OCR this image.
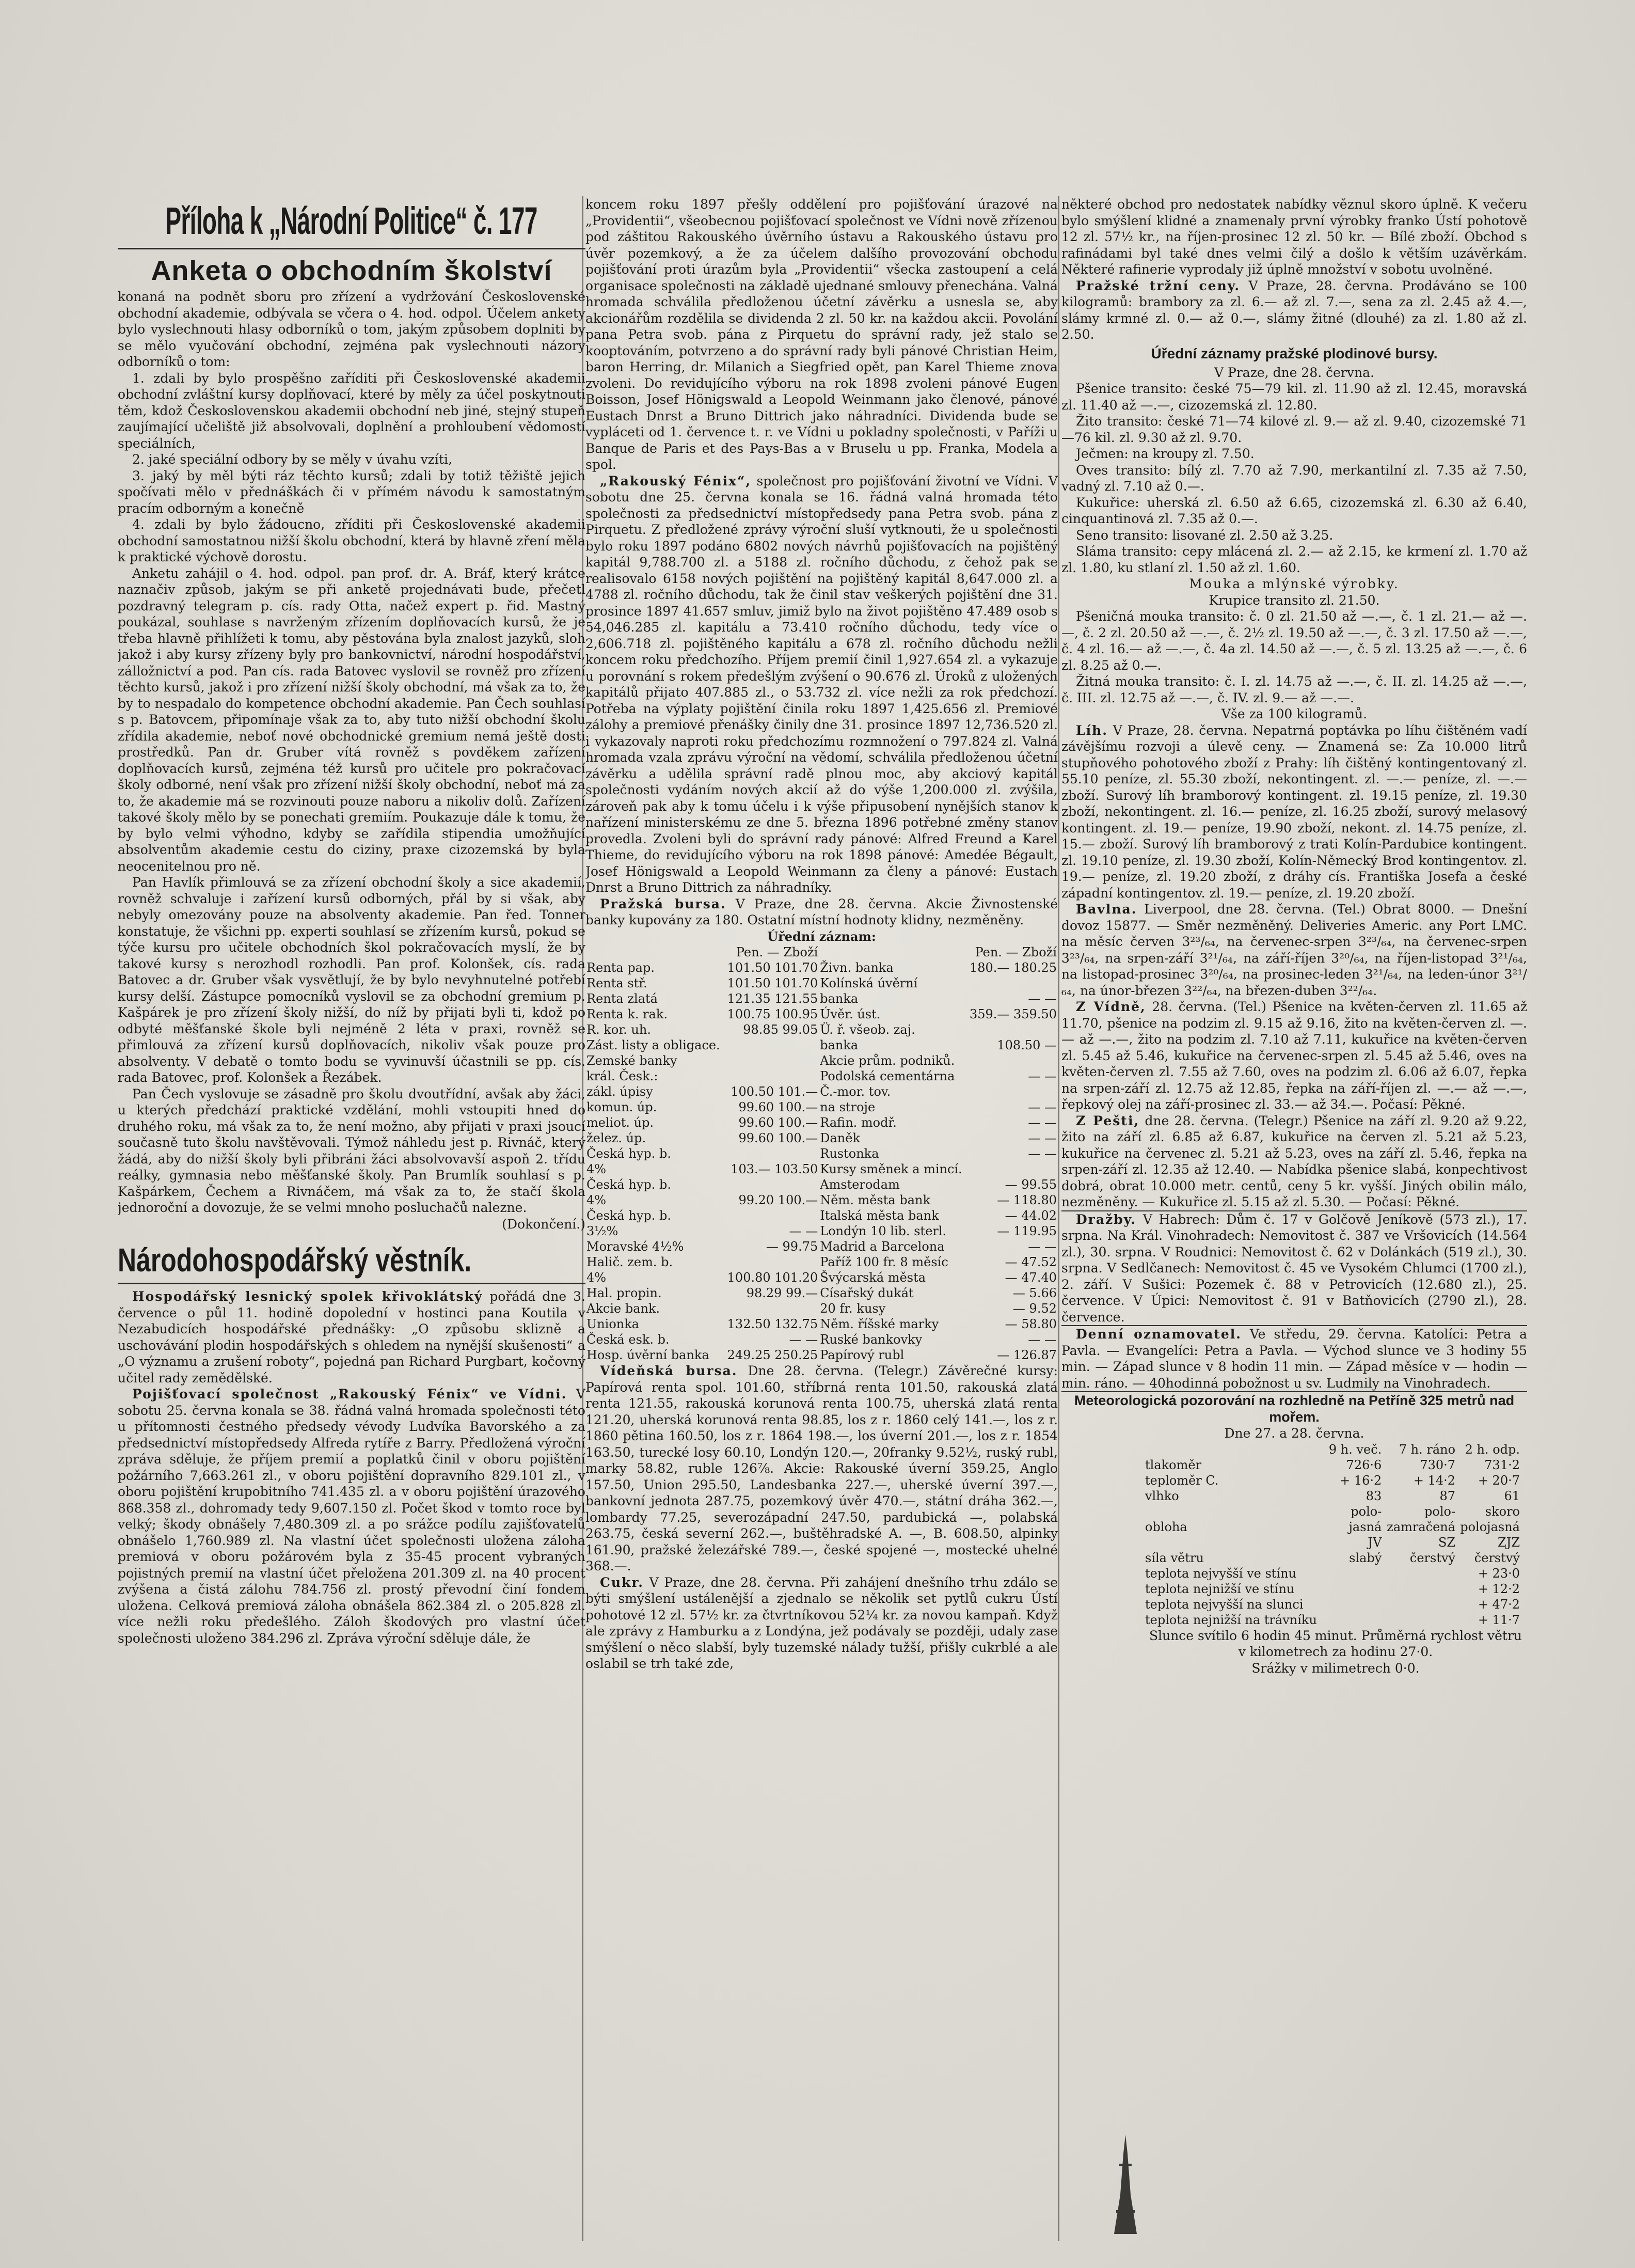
Příloha k „Národní Politice“ č. 177
Anketa o obchodním školství

konaná na podnět sboru pro zřízení a vydržování Československé obchodní akademie, odbývala se včera o 4. hod. odpol. Účelem ankety bylo vyslechnouti hlasy odborníků o tom, jakým způsobem doplniti by se mělo vyučování obchodní, zejména pak vyslechnouti názory odborníků o tom:

1. zdali by bylo prospěšno zaříditi při Československé akademii obchodní zvláštní kursy doplňovací, které by měly za účel poskytnouti těm, kdož Československou akademii obchodní neb jiné, stejný stupeň zaujímající učeliště již absolvovali, doplnění a prohloubení vědomostí speciálních,

2. jaké speciální odbory by se měly v úvahu vzíti,

3. jaký by měl býti ráz těchto kursů; zdali by totiž těžiště jejich spočívati mělo v přednáškách či v přímém návodu k samostatným pracím odborným a konečně

4. zdali by bylo žádoucno, zříditi při Československé akademii obchodní samostatnou nižší školu obchodní, která by hlavně zření měla k praktické výchově dorostu.

Anketu zahájil o 4. hod. odpol. pan prof. dr. A. Bráf, který krátce naznačiv způsob, jakým se při anketě projednávati bude, přečetl pozdravný telegram p. cís. rady Otta, načež expert p. řid. Mastný poukázal, souhlase s navrženým zřízením doplňovacích kursů, že je třeba hlavně přihlížeti k tomu, aby pěstována byla znalost jazyků, sloh jakož i aby kursy zřízeny byly pro bankovnictví, národní hospodářství, zálložnictví a pod. Pan cís. rada Batovec vyslovil se rovněž pro zřízení těchto kursů, jakož i pro zřízení nižší školy obchodní, má však za to, že by to nespadalo do kompetence obchodní akademie. Pan Čech souhlasí s p. Batovcem, připomínaje však za to, aby tuto nižší obchodní školu zřídila akademie, neboť nové obchodnické gremium nemá ještě dosti prostředků. Pan dr. Gruber vítá rovněž s povděkem zařízení doplňovacích kursů, zejména též kursů pro učitele pro pokračovací školy odborné, není však pro zřízení nižší školy obchodní, neboť má za to, že akademie má se rozvinouti pouze naboru a nikoliv dolů. Zařízení takové školy mělo by se ponechati gremiím. Poukazuje dále k tomu, že by bylo velmi výhodno, kdyby se zařídila stipendia umožňující absolventům akademie cestu do ciziny, praxe cizozemská by byla neocenitelnou pro ně.

Pan Havlík přimlouvá se za zřízení obchodní školy a sice akademií, rovněž schvaluje i zařízení kursů odborných, přál by si však, aby nebyly omezovány pouze na absolventy akademie. Pan řed. Tonner konstatuje, že všichni pp. experti souhlasí se zřízením kursů, pokud se týče kursu pro učitele obchodních škol pokračovacích myslí, že by takové kursy s nerozhodl rozhodli. Pan prof. Kolonšek, cís. rada Batovec a dr. Gruber však vysvětlují, že by bylo nevyhnutelné potřebí kursy delší. Zástupce pomocníků vyslovil se za obchodní gremium p. Kašpárek je pro zřízení školy nižší, do níž by přijati byli ti, kdož po odbyté měšťanské škole byli nejméně 2 léta v praxi, rovněž se přimlouvá za zřízení kursů doplňovacích, nikoliv však pouze pro absolventy. V debatě o tomto bodu se vyvinuvší účastnili se pp. cís. rada Batovec, prof. Kolonšek a Řezábek.

Pan Čech vyslovuje se zásadně pro školu dvoutřídní, avšak aby žáci, u kterých předchází praktické vzdělání, mohli vstoupiti hned do druhého roku, má však za to, že není možno, aby přijati v praxi jsoucí současně tuto školu navštěvovali. Týmož náhledu jest p. Rivnáč, který žádá, aby do nižší školy byli přibráni žáci absolvovavší aspoň 2. třídu reálky, gymnasia nebo měšťanské školy. Pan Brumlík souhlasí s p. Kašpárkem, Čechem a Rivnáčem, má však za to, že stačí škola jednoroční a dovozuje, že se velmi mnoho posluchačů nalezne.

(Dokončení.)
Národohospodářský věstník.

Hospodářský lesnický spolek křivoklátský pořádá dne 3. července o půl 11. hodině dopolední v hostinci pana Koutila v Nezabudicích hospodářské přednášky: „O způsobu sklizně a uschovávání plodin hospodářských s ohledem na nynější skušenosti“ a „O významu a zrušení roboty“, pojedná pan Richard Purgbart, kočovný učitel rady zemědělské.

Pojišťovací společnost „Rakouský Fénix“ ve Vídni. V sobotu 25. června konala se 38. řádná valná hromada společnosti této u přítomnosti čestného předsedy vévody Ludvíka Bavorského a za předsednictví místopředsedy Alfreda rytíře z Barry. Předložená výroční zpráva sděluje, že příjem premií a poplatků činil v oboru pojištění požárního 7,663.261 zl., v oboru pojištění dopravního 829.101 zl., v oboru pojištění krupobitního 741.435 zl. a v oboru pojištění úrazového 868.358 zl., dohromady tedy 9,607.150 zl. Počet škod v tomto roce byl velký; škody obnášely 7,480.309 zl. a po srážce podílu zajišťovatelů obnášelo 1,760.989 zl. Na vlastní účet společnosti uložena záloha premiová v oboru požárovém byla z 35-45 procent vybraných pojistných premií na vlastní účet přeložena 201.309 zl. na 40 procent zvýšena a čistá zálohu 784.756 zl. prostý převodní činí fondem uložena. Celková premiová záloha obnášela 862.384 zl. o 205.828 zl. více nežli roku předešlého. Záloh škodových pro vlastní účet společnosti uloženo 384.296 zl. Zpráva výroční sděluje dále, že

koncem roku 1897 přešly oddělení pro pojišťování úrazové na „Providentii“, všeobecnou pojišťovací společnost ve Vídni nově zřízenou pod záštitou Rakouského úvěrního ústavu a Rakouského ústavu pro úvěr pozemkový, a že za účelem dalšího provozování obchodu pojišťování proti úrazům byla „Providentii“ všecka zastoupení a celá organisace společnosti na základě ujednané smlouvy přenechána. Valná hromada schválila předloženou účetní závěrku a usnesla se, aby akcionářům rozdělila se dividenda 2 zl. 50 kr. na každou akcii. Povolání pana Petra svob. pána z Pirquetu do správní rady, jež stalo se kooptováním, potvrzeno a do správní rady byli pánové Christian Heim, baron Herring, dr. Milanich a Siegfried opět, pan Karel Thieme znova zvoleni. Do revidujícího výboru na rok 1898 zvoleni pánové Eugen Boisson, Josef Hönigswald a Leopold Weinmann jako členové, pánové Eustach Dnrst a Bruno Dittrich jako náhradníci. Dividenda bude se vypláceti od 1. července t. r. ve Vídni u pokladny společnosti, v Paříži u Banque de Paris et des Pays-Bas a v Bruselu u pp. Franka, Modela a spol.

„Rakouský Fénix“, společnost pro pojišťování životní ve Vídni. V sobotu dne 25. června konala se 16. řádná valná hromada této společnosti za předsednictví místopředsedy pana Petra svob. pána z Pirquetu. Z předložené zprávy výroční sluší vytknouti, že u společnosti bylo roku 1897 podáno 6802 nových návrhů pojišťovacích na pojištěný kapitál 9,788.700 zl. a 5188 zl. ročního důchodu, z čehož pak se realisovalo 6158 nových pojištění na pojištěný kapitál 8,647.000 zl. a 4788 zl. ročního důchodu, tak že činil stav veškerých pojištění dne 31. prosince 1897 41.657 smluv, jimiž bylo na život pojištěno 47.489 osob s 54,046.285 zl. kapitálu a 73.410 ročního důchodu, tedy více o 2,606.718 zl. pojištěného kapitálu a 678 zl. ročního důchodu nežli koncem roku předchozího. Příjem premií činil 1,927.654 zl. a vykazuje u porovnání s rokem předešlým zvýšení o 90.676 zl. Úroků z uložených kapitálů přijato 407.885 zl., o 53.732 zl. více nežli za rok předchozí. Potřeba na výplaty pojištění činila roku 1897 1,425.656 zl. Premiové zálohy a premiové přenášky činily dne 31. prosince 1897 12,736.520 zl. i vykazovaly naproti roku předchozímu rozmnožení o 797.824 zl. Valná hromada vzala zprávu výroční na vědomí, schválila předloženou účetní závěrku a udělila správní radě plnou moc, aby akciový kapitál společnosti vydáním nových akcií až do výše 1,200.000 zl. zvýšila, zároveň pak aby k tomu účelu i k výše připusobení nynějších stanov k nařízení ministerskému ze dne 5. března 1896 potřebné změny stanov provedla. Zvoleni byli do správní rady pánové: Alfred Freund a Karel Thieme, do revidujícího výboru na rok 1898 pánové: Amedée Bégault, Josef Hönigswald a Leopold Weinmann za členy a pánové: Eustach Dnrst a Bruno Dittrich za náhradníky.

Pražská bursa. V Praze, dne 28. června. Akcie Živnostenské banky kupovány za 180. Ostatní místní hodnoty klidny, nezměněny.

Úřední záznam:
	Pen. — Zboží		Pen. — Zboží
Renta pap.	101.50 101.70	Živn. banka	180.— 180.25
Renta stř.	101.50 101.70	Kolínská úvěrní	
Renta zlatá	121.35 121.55	banka	— —
Renta k. rak.	100.75 100.95	Úvěr. úst.	359.— 359.50
R. kor. uh.	98.85 99.05	Ü. ř. všeob. zaj.	
Zást. listy a obligace.		banka	108.50 —
Zemské banky		Akcie prům. podniků.	
král. Česk.:		Podolská cementárna	— —
zákl. úpisy	100.50 101.—	Č.-mor. tov.	
komun. úp.	99.60 100.—	na stroje	— —
meliot. úp.	99.60 100.—	Rafin. modř.	— —
želez. úp.	99.60 100.—	Daněk	— —
Česká hyp. b.		Rustonka	— —
4%	103.— 103.50	Kursy směnek a mincí.	
Česká hyp. b.		Amsterodam	— 99.55
4%	99.20 100.—	Něm. města bank	— 118.80
Česká hyp. b.		Italská města bank	— 44.02
3½%	— —	Londýn 10 lib. sterl.	— 119.95
Moravské 4½%	— 99.75	Madrid a Barcelona	— —
Halič. zem. b.		Paříž 100 fr. 8 měsíc	— 47.52
4%	100.80 101.20	Švýcarská města	— 47.40
Hal. propin.	98.29 99.—	Císařský dukát	— 5.66
Akcie bank.		20 fr. kusy	— 9.52
Unionka	132.50 132.75	Něm. říšské marky	— 58.80
Česká esk. b.	— —	Ruské bankovky	— —
Hosp. úvěrní banka	249.25 250.25	Papírový rubl	— 126.87

Vídeňská bursa. Dne 28. června. (Telegr.) Závěrečné kursy: Papírová renta spol. 101.60, stříbrná renta 101.50, rakouská zlatá renta 121.55, rakouská korunová renta 100.75, uherská zlatá renta 121.20, uherská korunová renta 98.85, los z r. 1860 celý 141.—, los z r. 1860 pětina 160.50, los z r. 1864 198.—, los úverní 201.—, los z r. 1854 163.50, turecké losy 60.10, Londýn 120.—, 20franky 9.52½, ruský rubl, marky 58.82, ruble 126⅞. Akcie: Rakouské úverní 359.25, Anglo 157.50, Union 295.50, Landesbanka 227.—, uherské úverní 397.—, bankovní jednota 287.75, pozemkový úvěr 470.—, státní dráha 362.—, lombardy 77.25, severozápadní 247.50, pardubická —, polabská 263.75, česká severní 262.—, buštěhradské A. —, B. 608.50, alpinky 161.90, pražské železářské 789.—, české spojené —, mostecké uhelné 368.—.

Cukr. V Praze, dne 28. června. Při zahájení dnešního trhu zdálo se býti smýšlení ustálenější a zjednalo se několik set pytlů cukru Ústí pohotové 12 zl. 57½ kr. za čtvrtníkovou 52¼ kr. za novou kampaň. Když ale zprávy z Hamburku a z Londýna, jež podávaly se později, udaly zase smýšlení o něco slabší, byly tuzemské nálady tužší, přišly cukrblé a ale oslabil se trh také zde,

některé obchod pro nedostatek nabídky věznul skoro úplně. K večeru bylo smýšlení klidné a znamenaly první výrobky franko Ústí pohotově 12 zl. 57½ kr., na říjen-prosinec 12 zl. 50 kr. — Bílé zboží. Obchod s rafinádami byl také dnes velmi čilý a došlo k větším uzávěrkám. Některé rafinerie vyprodaly již úplně množství v sobotu uvolněné.

Pražské tržní ceny. V Praze, 28. června. Prodáváno se 100 kilogramů: brambory za zl. 6.— až zl. 7.—, sena za zl. 2.45 až 4.—, slámy krmné zl. 0.— až 0.—, slámy žitné (dlouhé) za zl. 1.80 až zl. 2.50.

Úřední záznamy pražské plodinové bursy.

V Praze, dne 28. června.

Pšenice transito: české 75—79 kil. zl. 11.90 až zl. 12.45, moravská zl. 11.40 až —.—, cizozemská zl. 12.80.

Žito transito: české 71—74 kilové zl. 9.— až zl. 9.40, cizozemské 71—76 kil. zl. 9.30 až zl. 9.70.

Ječmen: na kroupy zl. 7.50.

Oves transito: bílý zl. 7.70 až 7.90, merkantilní zl. 7.35 až 7.50, vadný zl. 7.10 až 0.—.

Kukuřice: uherská zl. 6.50 až 6.65, cizozemská zl. 6.30 až 6.40, cinquantinová zl. 7.35 až 0.—.

Seno transito: lisované zl. 2.50 až 3.25.

Sláma transito: cepy mlácená zl. 2.— až 2.15, ke krmení zl. 1.70 až zl. 1.80, ku stlaní zl. 1.50 až zl. 1.60.

Mouka a mlýnské výrobky.

Krupice transito zl. 21.50.

Pšeničná mouka transito: č. 0 zl. 21.50 až —.—, č. 1 zl. 21.— až —.—, č. 2 zl. 20.50 až —.—, č. 2½ zl. 19.50 až —.—, č. 3 zl. 17.50 až —.—, č. 4 zl. 16.— až —.—, č. 4a zl. 14.50 až —.—, č. 5 zl. 13.25 až —.—, č. 6 zl. 8.25 až 0.—.

Žitná mouka transito: č. I. zl. 14.75 až —.—, č. II. zl. 14.25 až —.—, č. III. zl. 12.75 až —.—, č. IV. zl. 9.— až —.—.

Vše za 100 kilogramů.

Líh. V Praze, 28. června. Nepatrná poptávka po líhu čištěném vadí závějšímu rozvoji a úlevě ceny. — Znamená se: Za 10.000 litrů stupňového pohotového zboží z Prahy: líh čištěný kontingentovaný zl. 55.10 peníze, zl. 55.30 zboží, nekontingent. zl. —.— peníze, zl. —.— zboží. Surový líh bramborový kontingent. zl. 19.15 peníze, zl. 19.30 zboží, nekontingent. zl. 16.— peníze, zl. 16.25 zboží, surový melasový kontingent. zl. 19.— peníze, 19.90 zboží, nekont. zl. 14.75 peníze, zl. 15.— zboží. Surový líh bramborový z trati Kolín-Pardubice kontingent. zl. 19.10 peníze, zl. 19.30 zboží, Kolín-Německý Brod kontingentov. zl. 19.— peníze, zl. 19.20 zboží, z dráhy cís. Františka Josefa a české západní kontingentov. zl. 19.— peníze, zl. 19.20 zboží.

Bavlna. Liverpool, dne 28. června. (Tel.) Obrat 8000. — Dnešní dovoz 15877. — Směr nezměněný. Deliveries Americ. any Port LMC. na měsíc červen 3²³/₆₄, na červenec-srpen 3²³/₆₄, na červenec-srpen 3²³/₆₄, na srpen-září 3²¹/₆₄, na září-říjen 3²⁰/₆₄, na říjen-listopad 3²¹/₆₄, na listopad-prosinec 3²⁰/₆₄, na prosinec-leden 3²¹/₆₄, na leden-únor 3²¹/₆₄, na únor-březen 3²²/₆₄, na březen-duben 3²²/₆₄.

Z Vídně, 28. června. (Tel.) Pšenice na květen-červen zl. 11.65 až 11.70, pšenice na podzim zl. 9.15 až 9.16, žito na květen-červen zl. —.— až —.—, žito na podzim zl. 7.10 až 7.11, kukuřice na květen-červen zl. 5.45 až 5.46, kukuřice na červenec-srpen zl. 5.45 až 5.46, oves na květen-červen zl. 7.55 až 7.60, oves na podzim zl. 6.06 až 6.07, řepka na srpen-září zl. 12.75 až 12.85, řepka na září-říjen zl. —.— až —.—, řepkový olej na září-prosinec zl. 33.— až 34.—. Počasí: Pěkné.

Z Pešti, dne 28. června. (Telegr.) Pšenice na září zl. 9.20 až 9.22, žito na září zl. 6.85 až 6.87, kukuřice na červen zl. 5.21 až 5.23, kukuřice na červenec zl. 5.21 až 5.23, oves na září zl. 5.46, řepka na srpen-září zl. 12.35 až 12.40. — Nabídka pšenice slabá, konpechtivost dobrá, obrat 10.000 metr. centů, ceny 5 kr. vyšší. Jiných obilin málo, nezměněny. — Kukuřice zl. 5.15 až zl. 5.30. — Počasí: Pěkné.

Dražby. V Habrech: Dům č. 17 v Golčově Jeníkově (573 zl.), 17. srpna. Na Král. Vinohradech: Nemovitost č. 387 ve Vršovicích (14.564 zl.), 30. srpna. V Roudnici: Nemovitost č. 62 v Dolánkách (519 zl.), 30. srpna. V Sedlčanech: Nemovitost č. 45 ve Vysokém Chlumci (1700 zl.), 2. září. V Sušici: Pozemek č. 88 v Petrovicích (12.680 zl.), 25. července. V Úpici: Nemovitost č. 91 v Batňovicích (2790 zl.), 28. července.

Denní oznamovatel. Ve středu, 29. června. Katolíci: Petra a Pavla. — Evangelíci: Petra a Pavla. — Východ slunce ve 3 hodiny 55 min. — Západ slunce v 8 hodin 11 min. — Západ měsíce v — hodin — min. ráno. — 40hodinná pobožnost u sv. Ludmily na Vinohradech.

Meteorologická pozorování na rozhledně na Petříně 325 metrů nad mořem.

Dne 27. a 28. června.

	9 h. več.	7 h. ráno	2 h. odp.
tlakoměr	726·6	730·7	731·2
teploměr C.	+ 16·2	+ 14·2	+ 20·7
vlhko	83	87	61
	polo-	polo-	skoro
obloha	jasná	zamračená	polojasná
	JV	SZ	ZJZ
síla větru	slabý	čerstvý	čerstvý
teplota nejvyšší ve stínu			+ 23·0
teplota nejnižší ve stínu			+ 12·2
teplota nejvyšší na slunci			+ 47·2
teplota nejnižší na trávníku			+ 11·7

Slunce svítilo 6 hodin 45 minut. Průměrná rychlost větru v kilometrech za hodinu 27·0.

Srážky v milimetrech 0·0.
